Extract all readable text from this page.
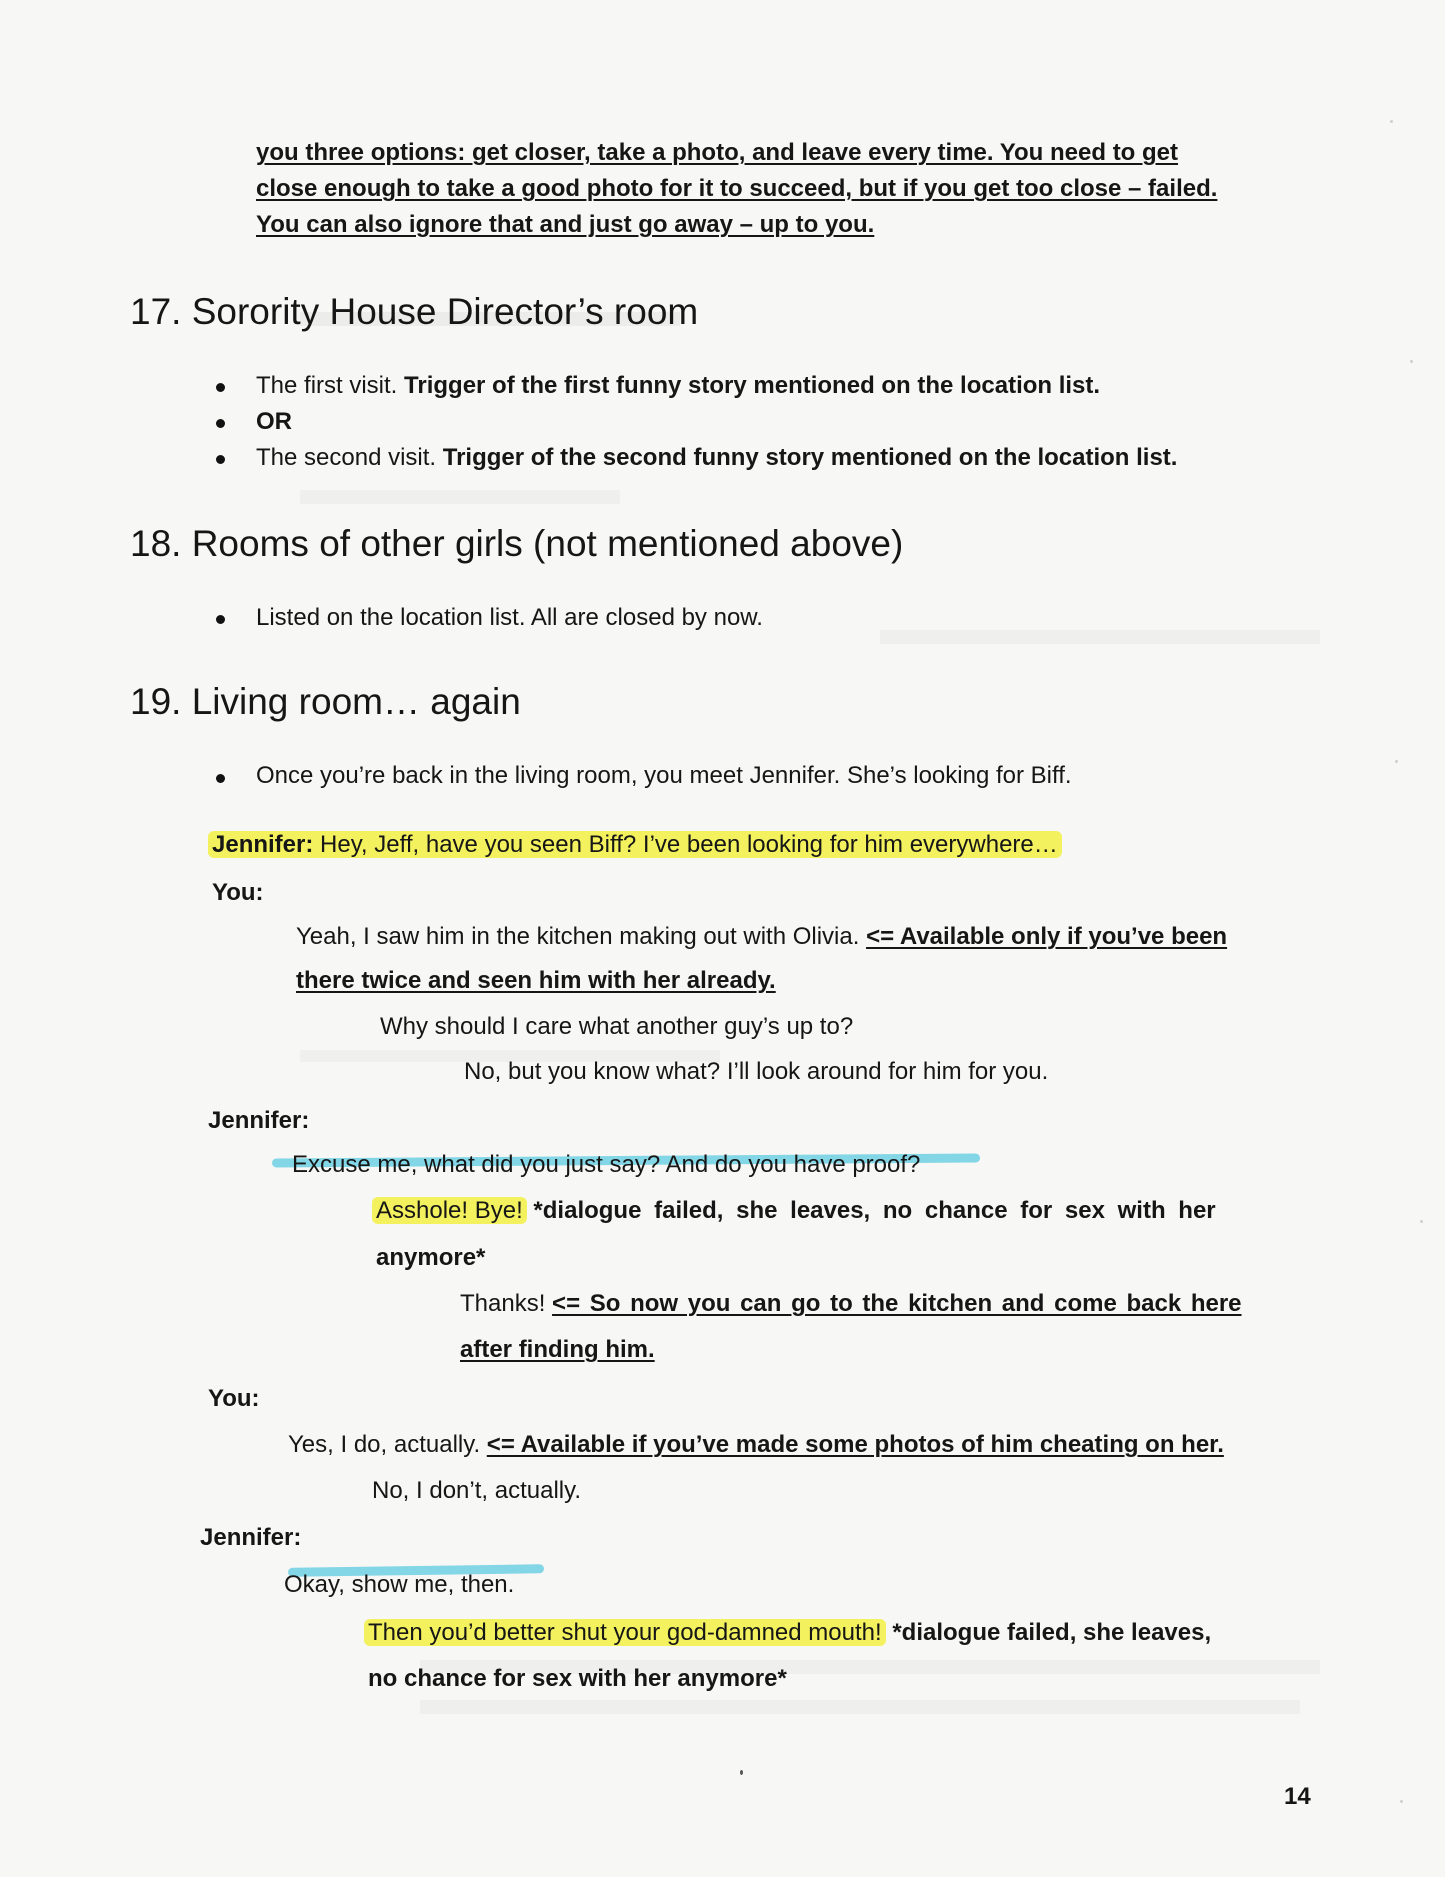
you three options: get closer, take a photo, and leave every time. You need to get
close enough to take a good photo for it to succeed, but if you get too close – failed.
You can also ignore that and just go away – up to you.
17. Sorority House Director’s room
The first visit. Trigger of the first funny story mentioned on the location list.
OR
The second visit. Trigger of the second funny story mentioned on the location list.
18. Rooms of other girls (not mentioned above)
Listed on the location list. All are closed by now.
19. Living room… again
Once you’re back in the living room, you meet Jennifer. She’s looking for Biff.
Jennifer: Hey, Jeff, have you seen Biff? I’ve been looking for him everywhere…
You:
Yeah, I saw him in the kitchen making out with Olivia. <= Available only if you’ve been
there twice and seen him with her already.
Why should I care what another guy’s up to?
No, but you know what? I’ll look around for him for you.
Jennifer:
Excuse me, what did you just say? And do you have proof?
Asshole! Bye! *dialogue failed, she leaves, no chance for sex with her
anymore*
Thanks! <= So now you can go to the kitchen and come back here
after finding him.
You:
Yes, I do, actually. <= Available if you’ve made some photos of him cheating on her.
No, I don’t, actually.
Jennifer:
Okay, show me, then.
Then you’d better shut your god-damned mouth! *dialogue failed, she leaves,
no chance for sex with her anymore*
14
